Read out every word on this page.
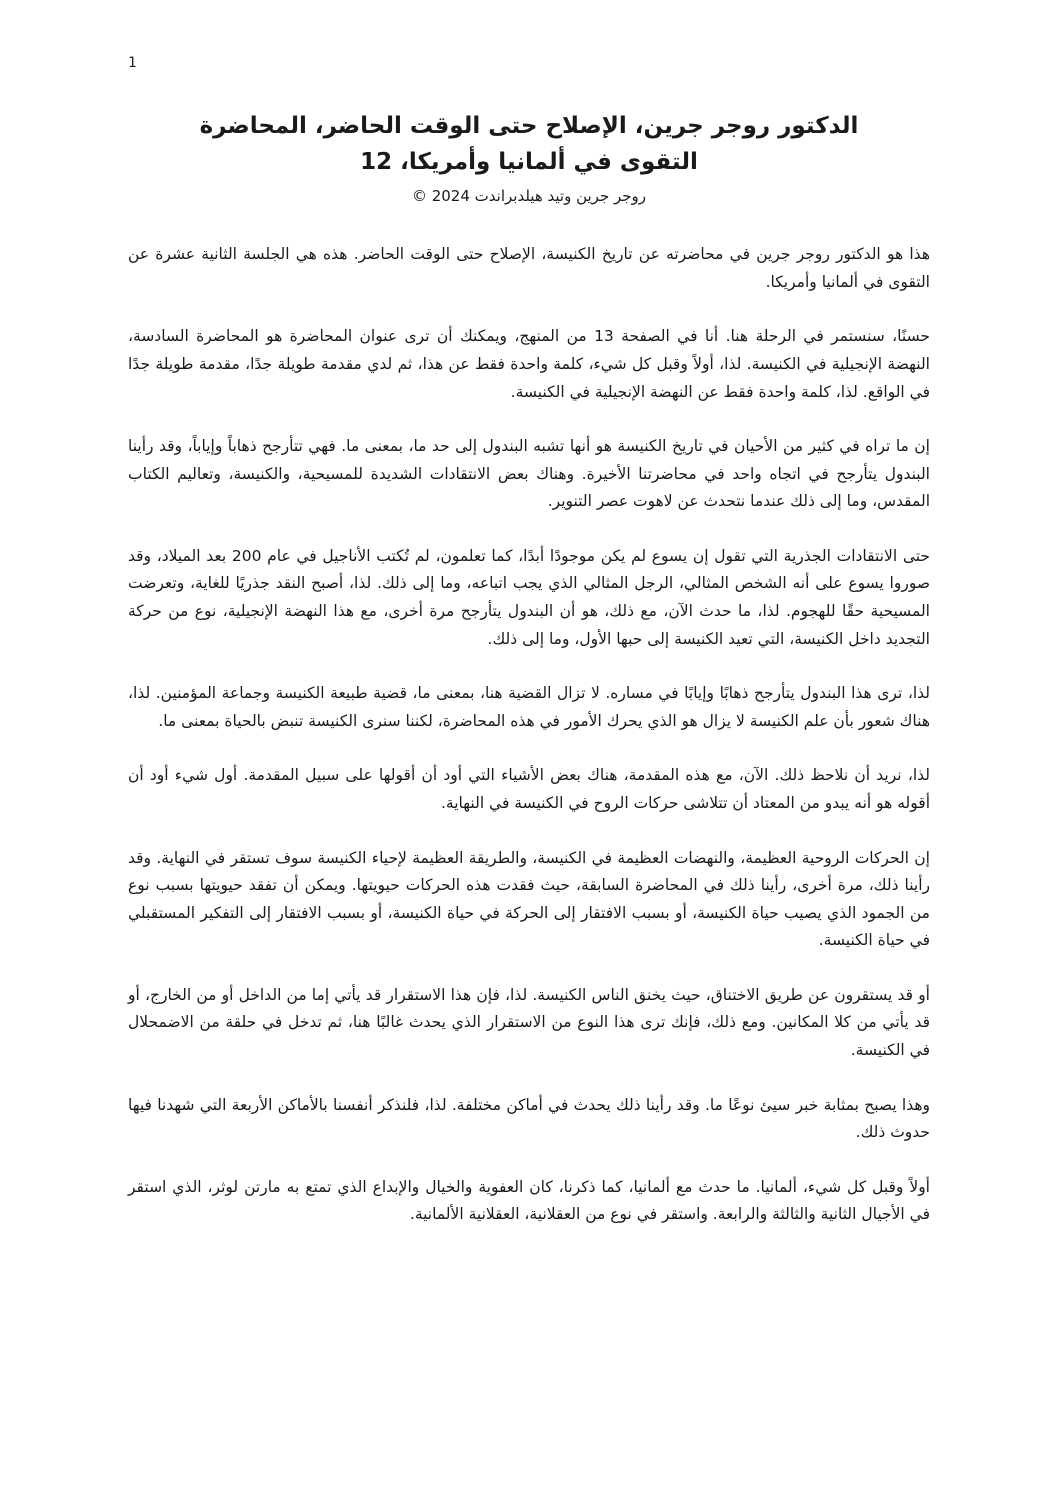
1
الدكتور روجر جرين، الإصلاح حتى الوقت الحاضر، المحاضرة
التقوى في ألمانيا وأمريكا، 12

روجر جرين وتيد هيلدبراندت 2024 ©

هذا هو الدكتور روجر جرين في محاضرته عن تاريخ الكنيسة، الإصلاح حتى الوقت الحاضر. هذه هي الجلسة الثانية عشرة عن التقوى في ألمانيا وأمريكا.

حسنًا، سنستمر في الرحلة هنا. أنا في الصفحة 13 من المنهج، ويمكنك أن ترى عنوان المحاضرة هو المحاضرة السادسة، النهضة الإنجيلية في الكنيسة. لذا، أولاً وقبل كل شيء، كلمة واحدة فقط عن هذا، ثم لدي مقدمة طويلة جدًا، مقدمة طويلة جدًا في الواقع. لذا، كلمة واحدة فقط عن النهضة الإنجيلية في الكنيسة.

إن ما تراه في كثير من الأحيان في تاريخ الكنيسة هو أنها تشبه البندول إلى حد ما، بمعنى ما. فهي تتأرجح ذهاباً وإياباً، وقد رأينا البندول يتأرجح في اتجاه واحد في محاضرتنا الأخيرة. وهناك بعض الانتقادات الشديدة للمسيحية، والكنيسة، وتعاليم الكتاب المقدس، وما إلى ذلك عندما نتحدث عن لاهوت عصر التنوير.

حتى الانتقادات الجذرية التي تقول إن يسوع لم يكن موجودًا أبدًا، كما تعلمون، لم تُكتب الأناجيل في عام 200 بعد الميلاد، وقد صوروا يسوع على أنه الشخص المثالي، الرجل المثالي الذي يجب اتباعه، وما إلى ذلك. لذا، أصبح النقد جذريًا للغاية، وتعرضت المسيحية حقًا للهجوم. لذا، ما حدث الآن، مع ذلك، هو أن البندول يتأرجح مرة أخرى، مع هذا النهضة الإنجيلية، نوع من حركة التجديد داخل الكنيسة، التي تعيد الكنيسة إلى حبها الأول، وما إلى ذلك.

لذا، ترى هذا البندول يتأرجح ذهابًا وإيابًا في مساره. لا تزال القضية هنا، بمعنى ما، قضية طبيعة الكنيسة وجماعة المؤمنين. لذا، هناك شعور بأن علم الكنيسة لا يزال هو الذي يحرك الأمور في هذه المحاضرة، لكننا سنرى الكنيسة تنبض بالحياة بمعنى ما.

لذا، نريد أن نلاحظ ذلك. الآن، مع هذه المقدمة، هناك بعض الأشياء التي أود أن أقولها على سبيل المقدمة. أول شيء أود أن أقوله هو أنه يبدو من المعتاد أن تتلاشى حركات الروح في الكنيسة في النهاية.

إن الحركات الروحية العظيمة، والنهضات العظيمة في الكنيسة، والطريقة العظيمة لإحياء الكنيسة سوف تستقر في النهاية. وقد رأينا ذلك، مرة أخرى، رأينا ذلك في المحاضرة السابقة، حيث فقدت هذه الحركات حيويتها. ويمكن أن تفقد حيويتها بسبب نوع من الجمود الذي يصيب حياة الكنيسة، أو بسبب الافتقار إلى الحركة في حياة الكنيسة، أو بسبب الافتقار إلى التفكير المستقبلي في حياة الكنيسة.

أو قد يستقرون عن طريق الاختناق، حيث يخنق الناس الكنيسة. لذا، فإن هذا الاستقرار قد يأتي إما من الداخل أو من الخارج، أو قد يأتي من كلا المكانين. ومع ذلك، فإنك ترى هذا النوع من الاستقرار الذي يحدث غالبًا هنا، ثم تدخل في حلقة من الاضمحلال في الكنيسة.

وهذا يصبح بمثابة خبر سيئ نوعًا ما. وقد رأينا ذلك يحدث في أماكن مختلفة. لذا، فلنذكر أنفسنا بالأماكن الأربعة التي شهدنا فيها حدوث ذلك.

أولاً وقبل كل شيء، ألمانيا. ما حدث مع ألمانيا، كما ذكرنا، كان العفوية والخيال والإبداع الذي تمتع به مارتن لوثر، الذي استقر في الأجيال الثانية والثالثة والرابعة. واستقر في نوع من العقلانية، العقلانية الألمانية.
